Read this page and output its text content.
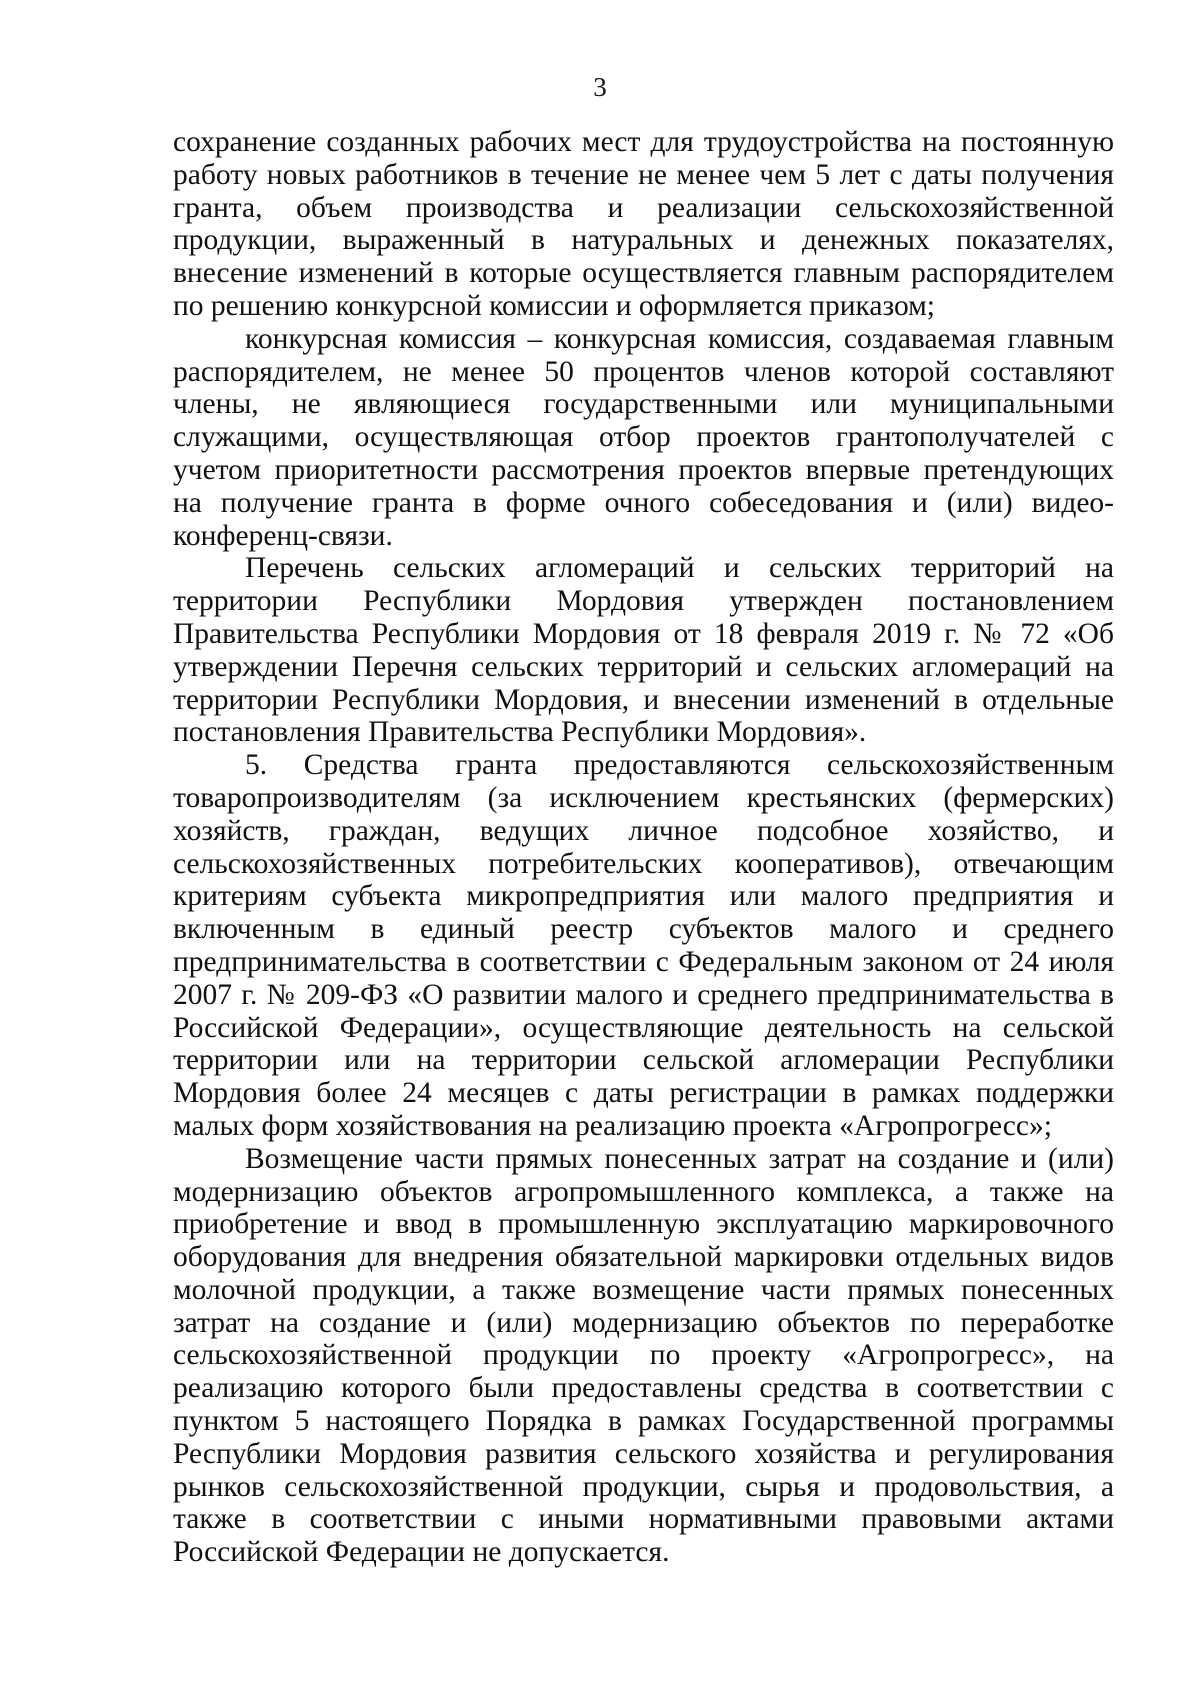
3

сохранение созданных рабочих мест для трудоустройства на постоянную работу новых работников в течение не менее чем 5 лет с даты получения гранта, объем производства и реализации сельскохозяйственной продукции, выраженный в натуральных и денежных показателях, внесение изменений в которые осуществляется главным распорядителем по решению конкурсной комиссии и оформляется приказом;

конкурсная комиссия – конкурсная комиссия, создаваемая главным распорядителем, не менее 50 процентов членов которой составляют члены, не являющиеся государственными или муниципальными служащими, осуществляющая отбор проектов грантополучателей с учетом приоритетности рассмотрения проектов впервые претендующих на получение гранта в форме очного собеседования и (или) видео-конференц-связи.

Перечень сельских агломераций и сельских территорий на территории Республики Мордовия утвержден постановлением Правительства Республики Мордовия от 18 февраля 2019 г. № 72 «Об утверждении Перечня сельских территорий и сельских агломераций на территории Республики Мордовия, и внесении изменений в отдельные постановления Правительства Республики Мордовия».

5. Средства гранта предоставляются сельскохозяйственным товаропроизводителям (за исключением крестьянских (фермерских) хозяйств, граждан, ведущих личное подсобное хозяйство, и сельскохозяйственных потребительских кооперативов), отвечающим критериям субъекта микропредприятия или малого предприятия и включенным в единый реестр субъектов малого и среднего предпринимательства в соответствии с Федеральным законом от 24 июля 2007 г. № 209-ФЗ «О развитии малого и среднего предпринимательства в Российской Федерации», осуществляющие деятельность на сельской территории или на территории сельской агломерации Республики Мордовия более 24 месяцев с даты регистрации в рамках поддержки малых форм хозяйствования на реализацию проекта «Агропрогресс»;

Возмещение части прямых понесенных затрат на создание и (или) модернизацию объектов агропромышленного комплекса, а также на приобретение и ввод в промышленную эксплуатацию маркировочного оборудования для внедрения обязательной маркировки отдельных видов молочной продукции, а также возмещение части прямых понесенных затрат на создание и (или) модернизацию объектов по переработке сельскохозяйственной продукции по проекту «Агропрогресс», на реализацию которого были предоставлены средства в соответствии с пунктом 5 настоящего Порядка в рамках Государственной программы Республики Мордовия развития сельского хозяйства и регулирования рынков сельскохозяйственной продукции, сырья и продовольствия, а также в соответствии с иными нормативными правовыми актами Российской Федерации не допускается.
